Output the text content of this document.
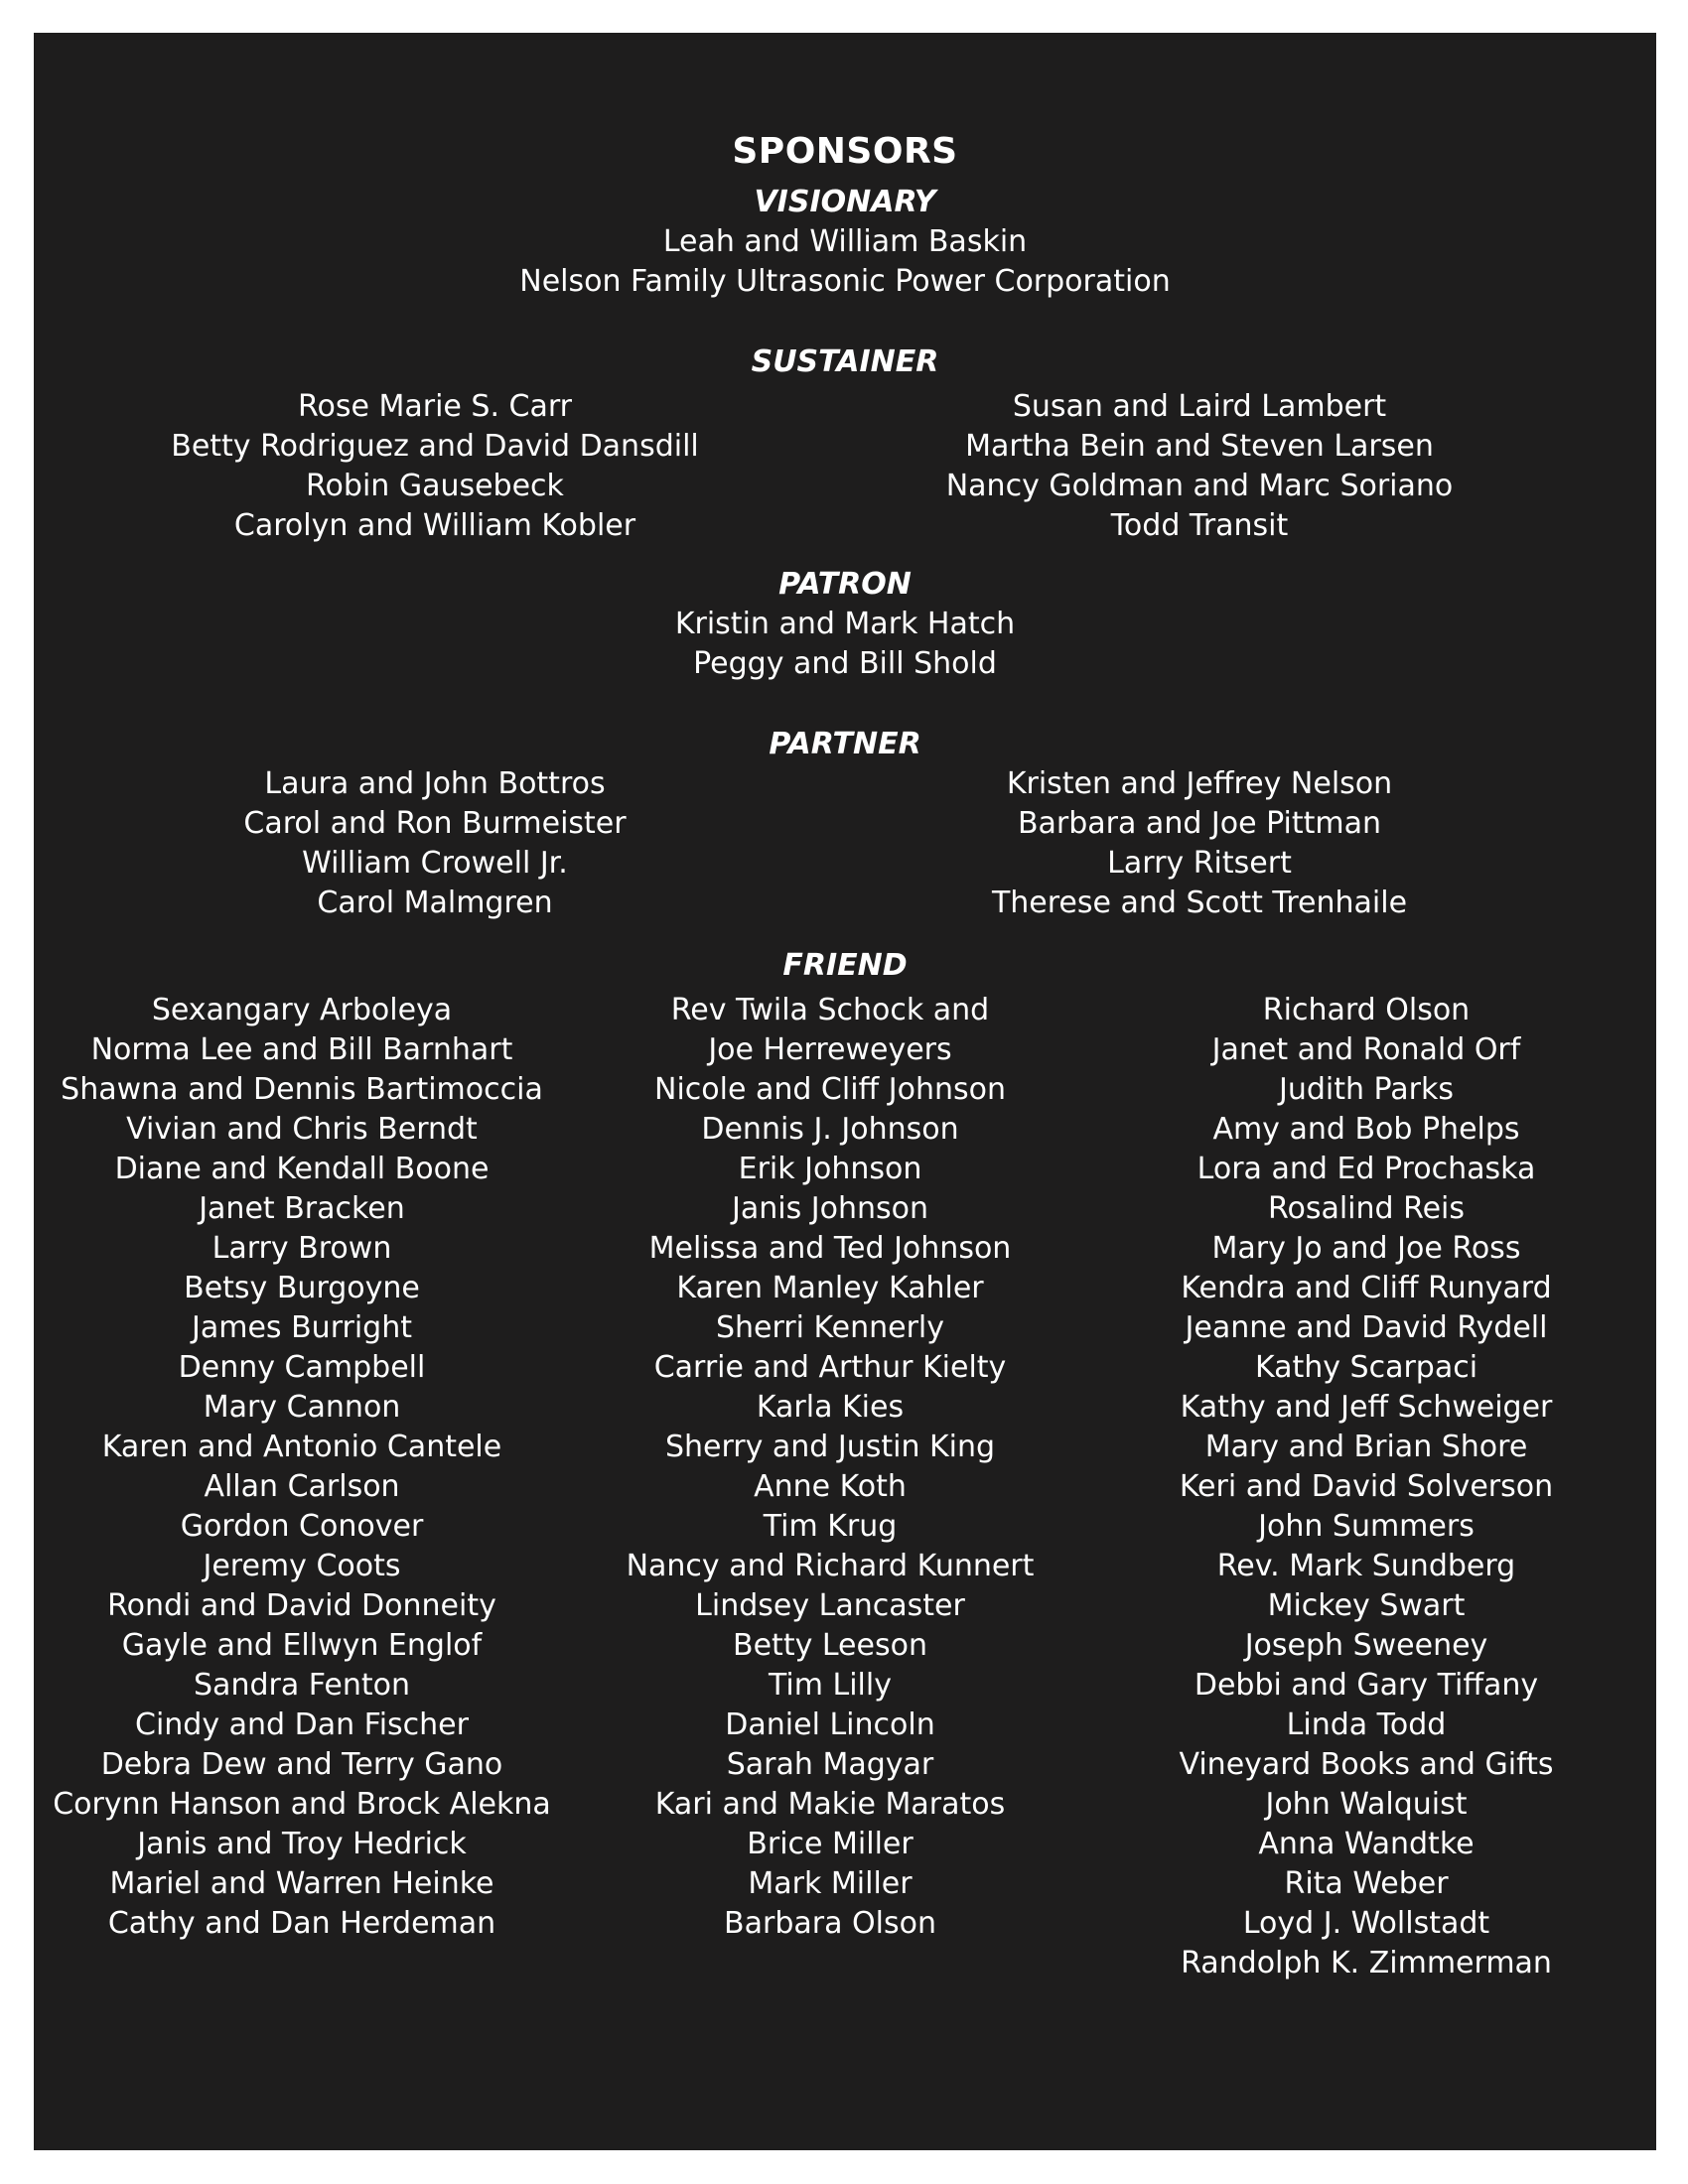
SPONSORS
VISIONARY
Leah and William Baskin
Nelson Family Ultrasonic Power Corporation
SUSTAINER
Rose Marie S. Carr
Betty Rodriguez and David Dansdill
Robin Gausebeck
Carolyn and William Kobler
Susan and Laird Lambert
Martha Bein and Steven Larsen
Nancy Goldman and Marc Soriano
Todd Transit
PATRON
Kristin and Mark Hatch
Peggy and Bill Shold
PARTNER
Laura and John Bottros
Carol and Ron Burmeister
William Crowell Jr.
Carol Malmgren
Kristen and Jeffrey Nelson
Barbara and Joe Pittman
Larry Ritsert
Therese and Scott Trenhaile
FRIEND
Sexangary Arboleya
Norma Lee and Bill Barnhart
Shawna and Dennis Bartimoccia
Vivian and Chris Berndt
Diane and Kendall Boone
Janet Bracken
Larry Brown
Betsy Burgoyne
James Burright
Denny Campbell
Mary Cannon
Karen and Antonio Cantele
Allan Carlson
Gordon Conover
Jeremy Coots
Rondi and David Donneity
Gayle and Ellwyn Englof
Sandra Fenton
Cindy and Dan Fischer
Debra Dew and Terry Gano
Corynn Hanson and Brock Alekna
Janis and Troy Hedrick
Mariel and Warren Heinke
Cathy and Dan Herdeman
Rev Twila Schock and
Joe Herreweyers
Nicole and Cliff Johnson
Dennis J. Johnson
Erik Johnson
Janis Johnson
Melissa and Ted Johnson
Karen Manley Kahler
Sherri Kennerly
Carrie and Arthur Kielty
Karla Kies
Sherry and Justin King
Anne Koth
Tim Krug
Nancy and Richard Kunnert
Lindsey Lancaster
Betty Leeson
Tim Lilly
Daniel Lincoln
Sarah Magyar
Kari and Makie Maratos
Brice Miller
Mark Miller
Barbara Olson
Richard Olson
Janet and Ronald Orf
Judith Parks
Amy and Bob Phelps
Lora and Ed Prochaska
Rosalind Reis
Mary Jo and Joe Ross
Kendra and Cliff Runyard
Jeanne and David Rydell
Kathy Scarpaci
Kathy and Jeff Schweiger
Mary and Brian Shore
Keri and David Solverson
John Summers
Rev. Mark Sundberg
Mickey Swart
Joseph Sweeney
Debbi and Gary Tiffany
Linda Todd
Vineyard Books and Gifts
John Walquist
Anna Wandtke
Rita Weber
Loyd J. Wollstadt
Randolph K. Zimmerman
